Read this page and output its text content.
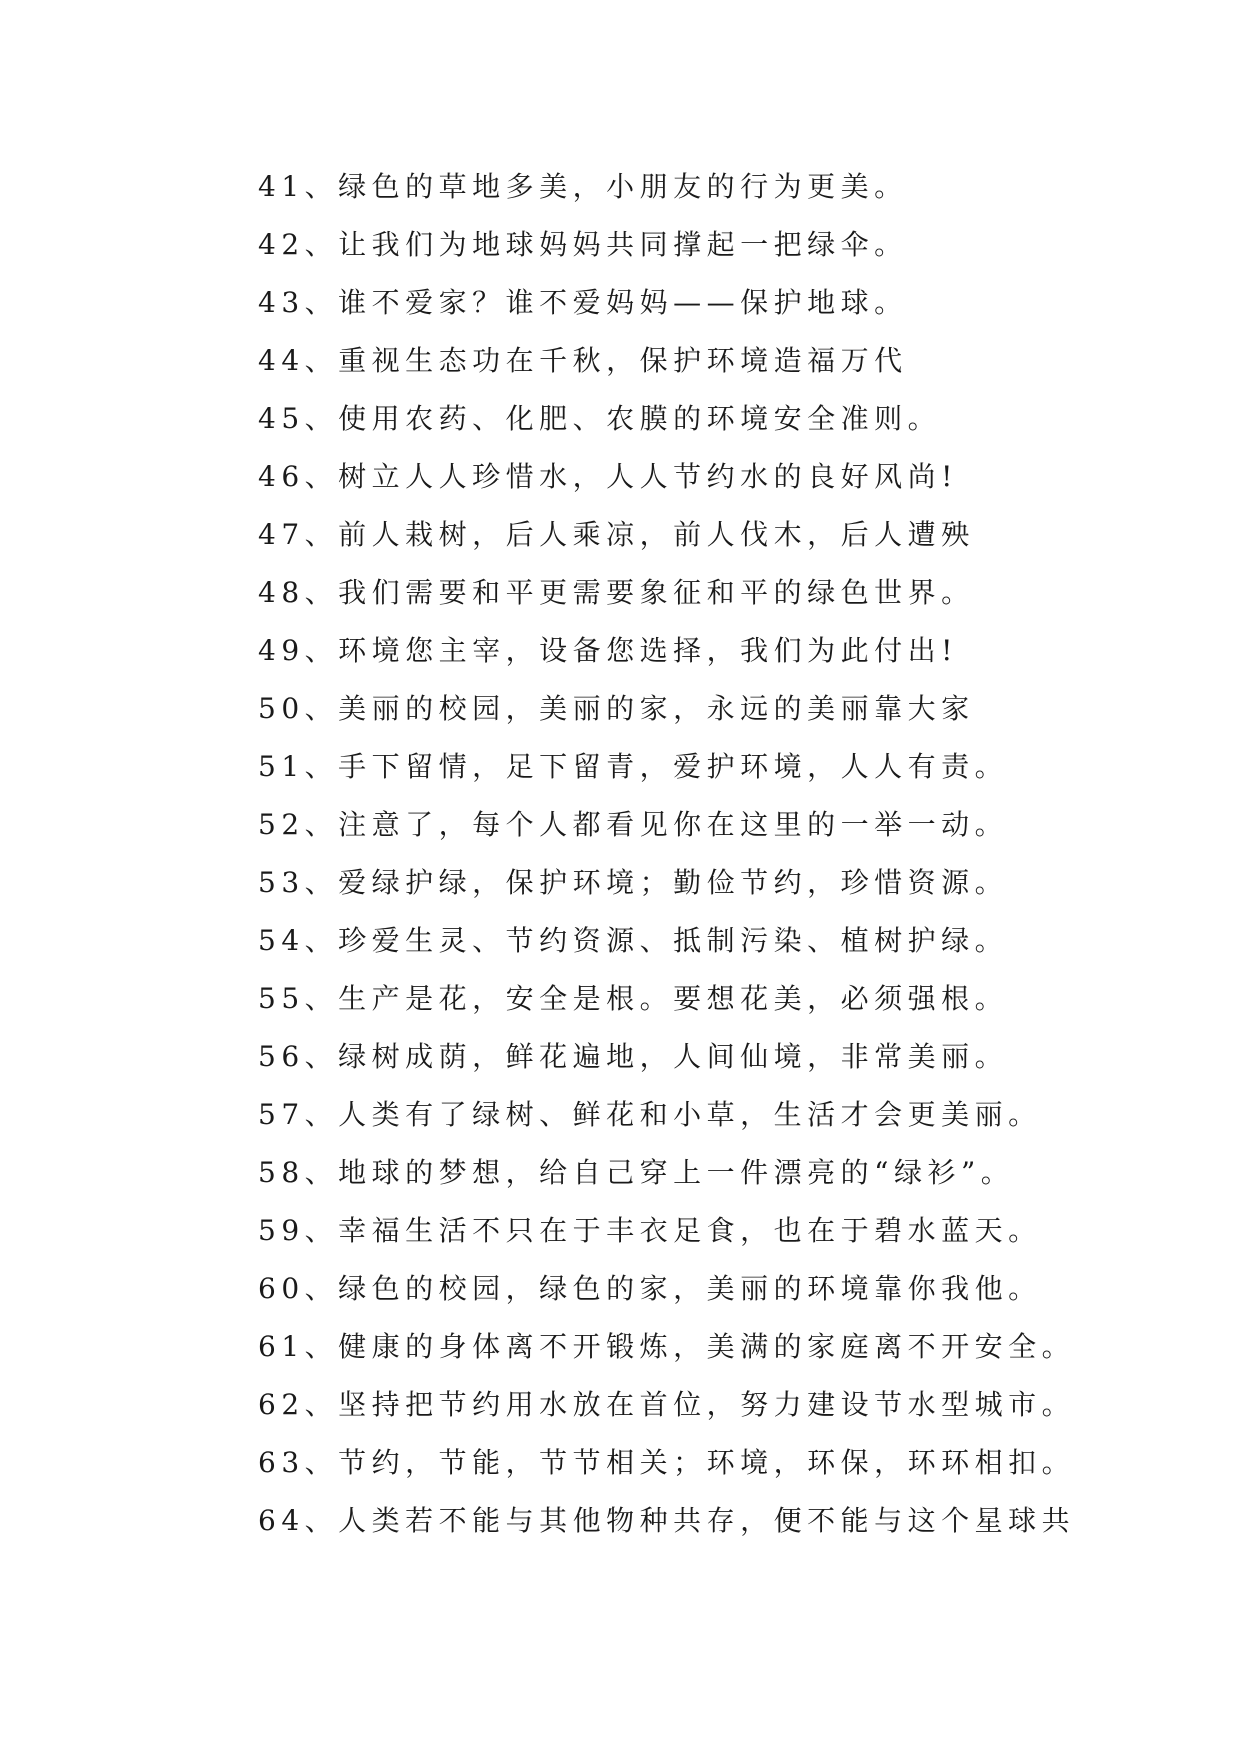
41、绿色的草地多美，小朋友的行为更美。
42、让我们为地球妈妈共同撑起一把绿伞。
43、谁不爱家？谁不爱妈妈——保护地球。
44、重视生态功在千秋，保护环境造福万代
45、使用农药、化肥、农膜的环境安全准则。
46、树立人人珍惜水，人人节约水的良好风尚!
47、前人栽树，后人乘凉，前人伐木，后人遭殃
48、我们需要和平更需要象征和平的绿色世界。
49、环境您主宰，设备您选择，我们为此付出!
50、美丽的校园，美丽的家，永远的美丽靠大家
51、手下留情，足下留青，爱护环境，人人有责。
52、注意了，每个人都看见你在这里的一举一动。
53、爱绿护绿，保护环境；勤俭节约，珍惜资源。
54、珍爱生灵、节约资源、抵制污染、植树护绿。
55、生产是花，安全是根。要想花美，必须强根。
56、绿树成荫，鲜花遍地，人间仙境，非常美丽。
57、人类有了绿树、鲜花和小草，生活才会更美丽。
58、地球的梦想，给自己穿上一件漂亮的“绿衫”。
59、幸福生活不只在于丰衣足食，也在于碧水蓝天。
60、绿色的校园，绿色的家，美丽的环境靠你我他。
61、健康的身体离不开锻炼，美满的家庭离不开安全。
62、坚持把节约用水放在首位，努力建设节水型城市。
63、节约，节能，节节相关；环境，环保，环环相扣。
64、人类若不能与其他物种共存，便不能与这个星球共
